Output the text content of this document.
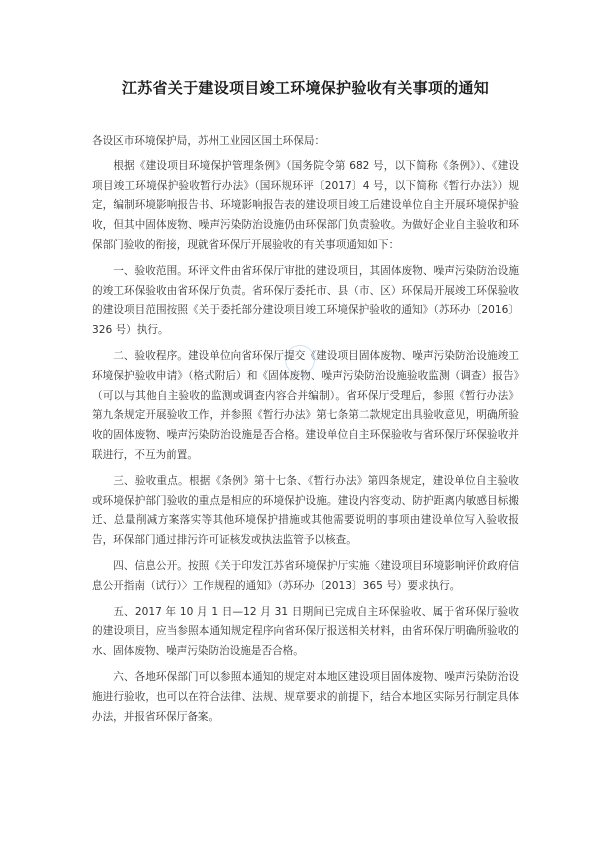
江苏省关于建设项目竣工环境保护验收有关事项的通知

各设区市环境保护局，苏州工业园区国土环保局：

根据《建设项目环境保护管理条例》（国务院令第 682 号，以下简称《条例》）、《建设项目竣工环境保护验收暂行办法》（国环规环评〔2017〕4 号，以下简称《暂行办法》）规定，编制环境影响报告书、环境影响报告表的建设项目竣工后建设单位自主开展环境保护验收，但其中固体废物、噪声污染防治设施仍由环保部门负责验收。为做好企业自主验收和环保部门验收的衔接，现就省环保厅开展验收的有关事项通知如下：

一、验收范围。环评文件由省环保厅审批的建设项目，其固体废物、噪声污染防治设施的竣工环保验收由省环保厅负责。省环保厅委托市、县（市、区）环保局开展竣工环保验收的建设项目范围按照《关于委托部分建设项目竣工环境保护验收的通知》（苏环办〔2016〕326 号）执行。

二、验收程序。建设单位向省环保厅提交《建设项目固体废物、噪声污染防治设施竣工环境保护验收申请》（格式附后）和《固体废物、噪声污染防治设施验收监测（调查）报告》（可以与其他自主验收的监测或调查内容合并编制）。省环保厅受理后，参照《暂行办法》第九条规定开展验收工作，并参照《暂行办法》第七条第二款规定出具验收意见，明确所验收的固体废物、噪声污染防治设施是否合格。建设单位自主环保验收与省环保厅环保验收并联进行，不互为前置。

三、验收重点。根据《条例》第十七条、《暂行办法》第四条规定，建设单位自主验收或环境保护部门验收的重点是相应的环境保护设施。建设内容变动、防护距离内敏感目标搬迁、总量削减方案落实等其他环境保护措施或其他需要说明的事项由建设单位写入验收报告，环保部门通过排污许可证核发或执法监管予以核查。

四、信息公开。按照《关于印发江苏省环境保护厅实施〈建设项目环境影响评价政府信息公开指南（试行）〉工作规程的通知》（苏环办〔2013〕365 号）要求执行。

五、2017 年 10 月 1 日—12 月 31 日期间已完成自主环保验收、属于省环保厅验收的建设项目，应当参照本通知规定程序向省环保厅报送相关材料，由省环保厅明确所验收的水、固体废物、噪声污染防治设施是否合格。

六、各地环保部门可以参照本通知的规定对本地区建设项目固体废物、噪声污染防治设施进行验收，也可以在符合法律、法规、规章要求的前提下，结合本地区实际另行制定具体办法，并报省环保厅备案。
